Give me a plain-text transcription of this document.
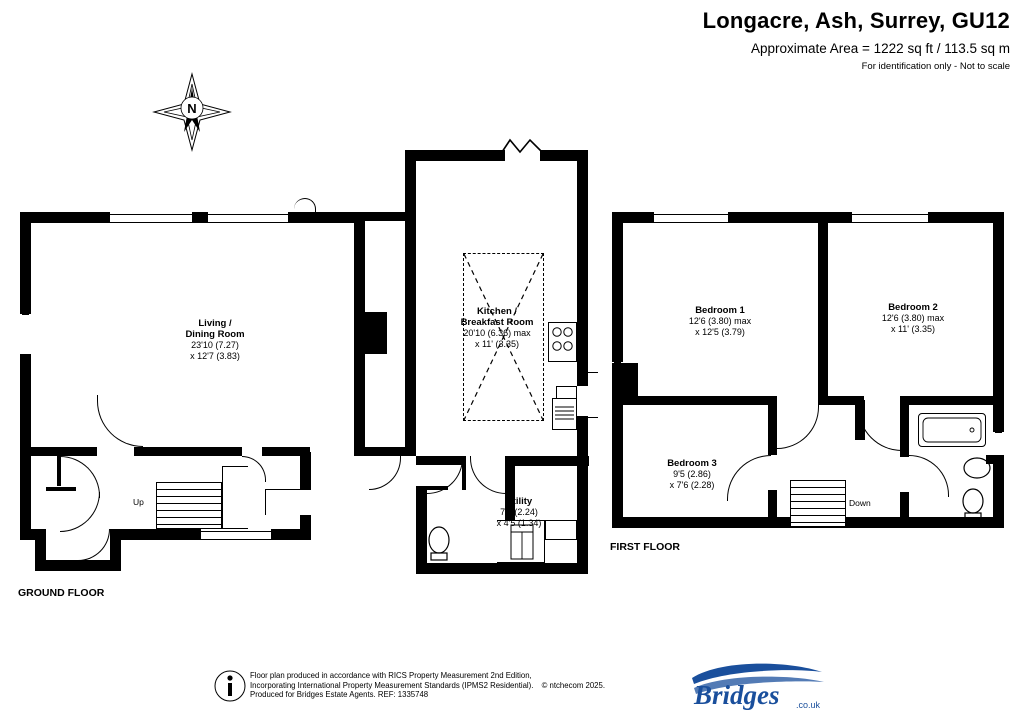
Longacre, Ash, Surrey, GU12
Approximate Area = 1222 sq ft / 113.5 sq m
For identification only - Not to scale
N
Up
Living /
Dining Room
23'10 (7.27)
x 12'7 (3.83)
Kitchen /
Breakfast Room
20'10 (6.36) max
x 11' (3.35)
Utility
7'4 (2.24)
x 4'5 (1.34)
GROUND FLOOR
Down
Bedroom 1
12'6 (3.80) max
x 12'5 (3.79)
Bedroom 2
12'6 (3.80) max
x 11' (3.35)
Bedroom 3
9'5 (2.86)
x 7'6 (2.28)
FIRST FLOOR
Floor plan produced in accordance with RICS Property Measurement 2nd Edition,
Incorporating International Property Measurement Standards (IPMS2 Residential). © ntchecom 2025.
Produced for Bridges Estate Agents. REF: 1335748	Bridges .co.uk
